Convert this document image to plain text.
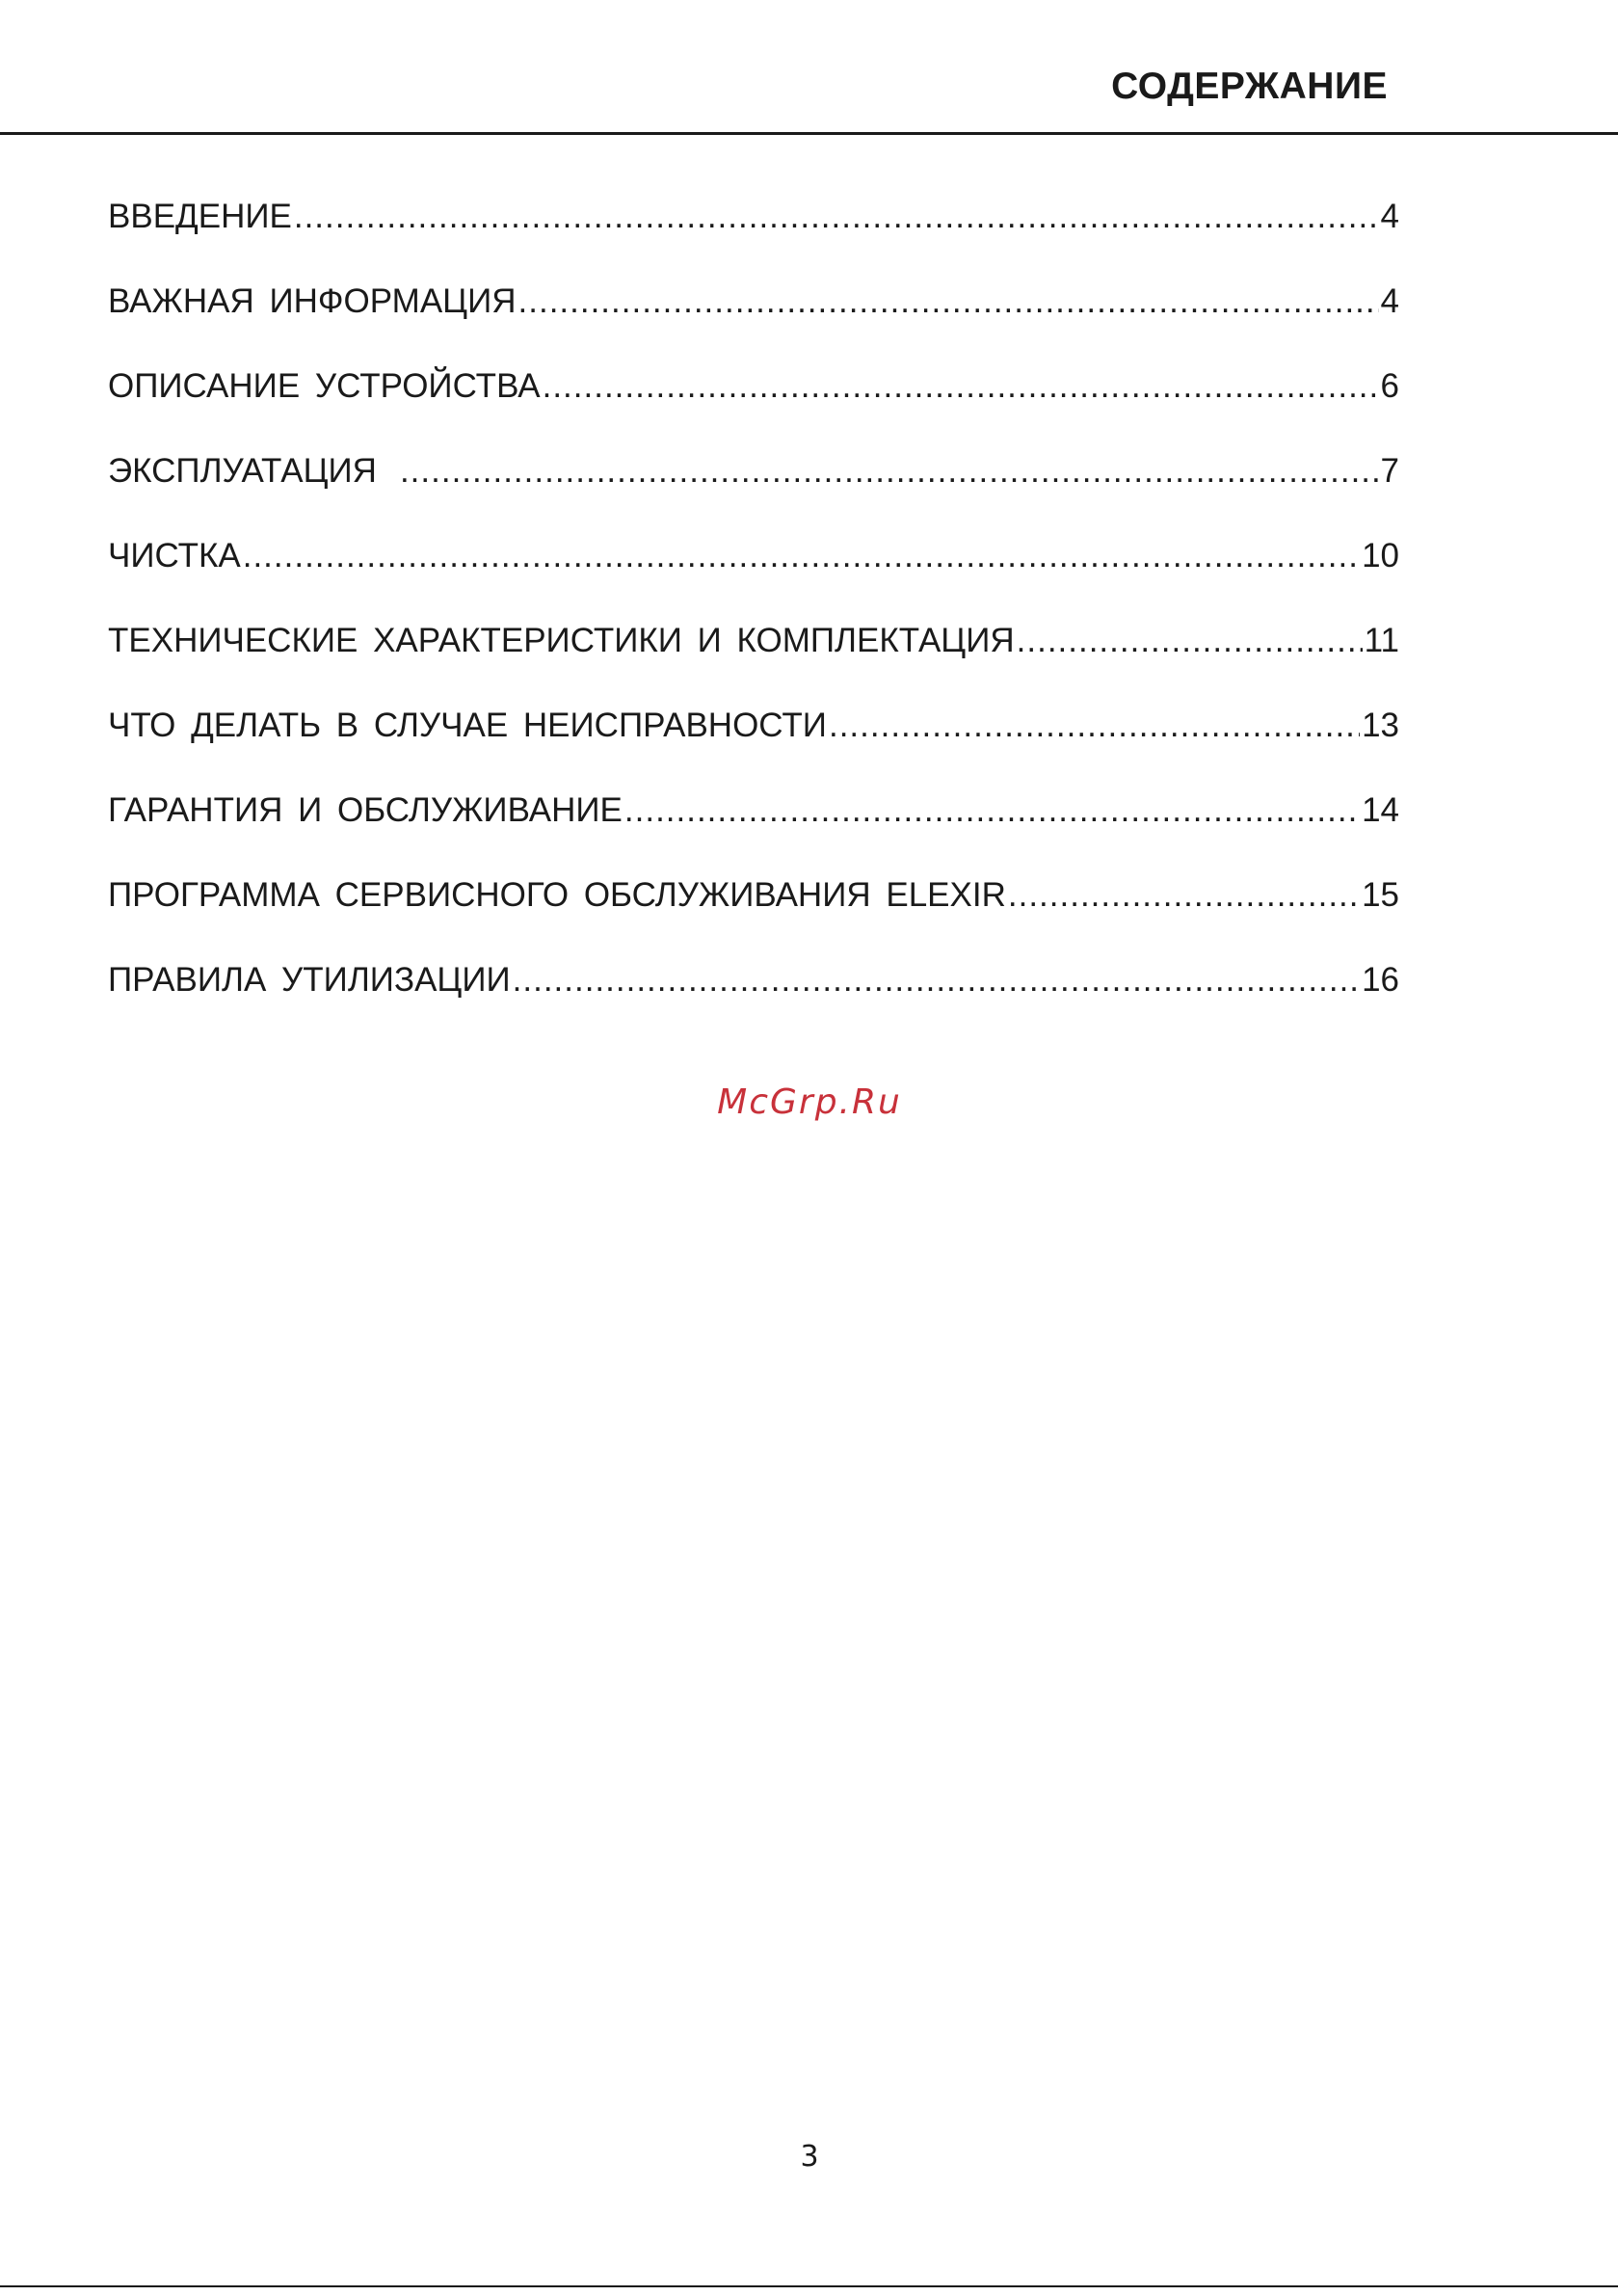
СОДЕРЖАНИЕ
ВВЕДЕНИЕ .....	4
ВАЖНАЯ ИНФОРМАЦИЯ .....	4
ОПИСАНИЕ УСТРОЙСТВА .....	6
ЭКСПЛУАТАЦИЯ .....	7
ЧИСТКА .....	10
ТЕХНИЧЕСКИЕ ХАРАКТЕРИСТИКИ И КОМПЛЕКТАЦИЯ .....	11
ЧТО ДЕЛАТЬ В СЛУЧАЕ НЕИСПРАВНОСТИ .....	13
ГАРАНТИЯ И ОБСЛУЖИВАНИЕ .....	14
ПРОГРАММА СЕРВИСНОГО ОБСЛУЖИВАНИЯ ELEXIR .....	15
ПРАВИЛА УТИЛИЗАЦИИ .....	16
McGrp.Ru
3
